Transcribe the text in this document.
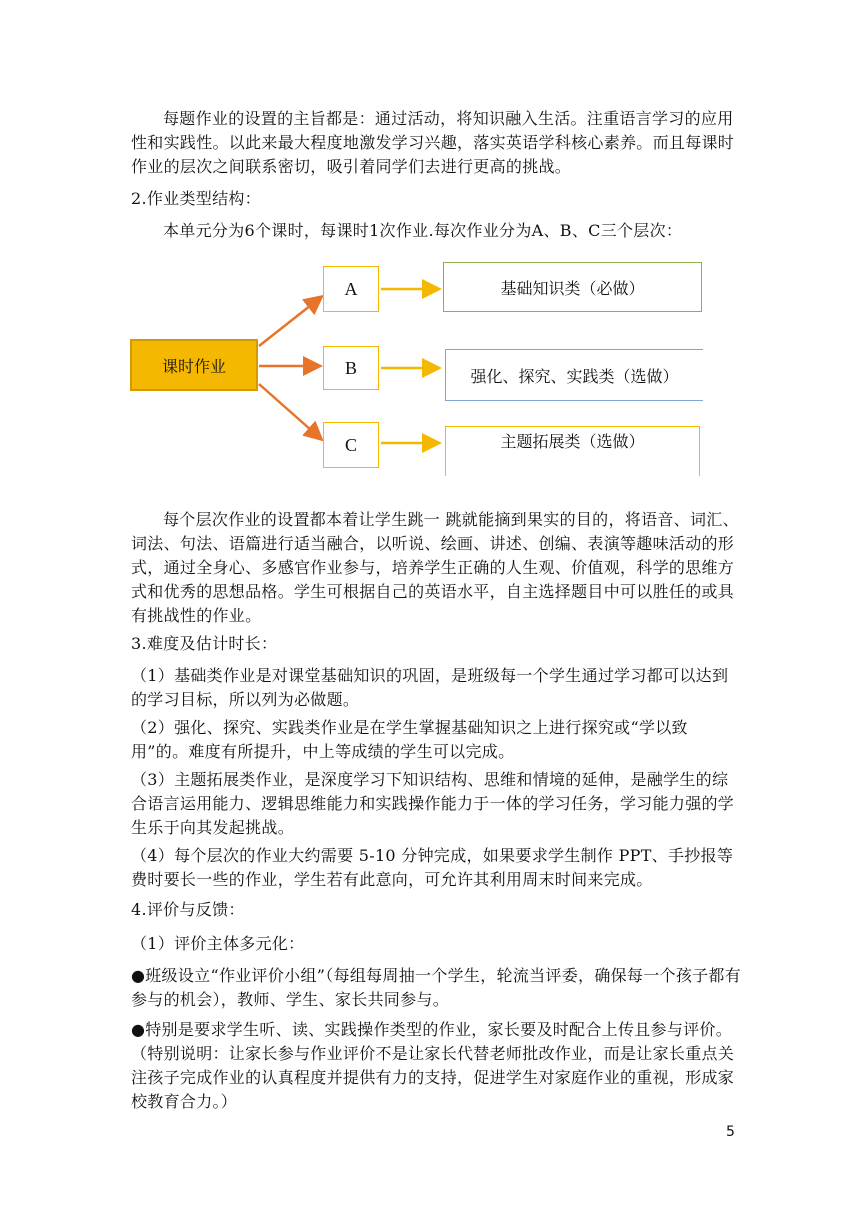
每题作业的设置的主旨都是：通过活动，将知识融入生活。注重语言学习的应用性和实践性。以此来最大程度地激发学习兴趣，落实英语学科核心素养。而且每课时作业的层次之间联系密切，吸引着同学们去进行更高的挑战。

2.作业类型结构：

本单元分为6个课时，每课时1次作业.每次作业分为A、B、C三个层次：

课时作业
A
B
C
基础知识类（必做）
强化、探究、实践类（选做）
主题拓展类（选做）

每个层次作业的设置都本着让学生跳一 跳就能摘到果实的目的，将语音、词汇、词法、句法、语篇进行适当融合，以听说、绘画、讲述、创编、表演等趣味活动的形式，通过全身心、多感官作业参与，培养学生正确的人生观、价值观，科学的思维方式和优秀的思想品格。学生可根据自己的英语水平，自主选择题目中可以胜任的或具有挑战性的作业。

3.难度及估计时长：

（1）基础类作业是对课堂基础知识的巩固，是班级每一个学生通过学习都可以达到的学习目标，所以列为必做题。

（2）强化、探究、实践类作业是在学生掌握基础知识之上进行探究或“学以致用”的。难度有所提升，中上等成绩的学生可以完成。

（3）主题拓展类作业，是深度学习下知识结构、思维和情境的延伸，是融学生的综合语言运用能力、逻辑思维能力和实践操作能力于一体的学习任务，学习能力强的学生乐于向其发起挑战。

（4）每个层次的作业大约需要 5-10 分钟完成，如果要求学生制作 PPT、手抄报等费时要长一些的作业，学生若有此意向，可允许其利用周末时间来完成。

4.评价与反馈：

（1）评价主体多元化：

●班级设立“作业评价小组”（每组每周抽一个学生，轮流当评委，确保每一个孩子都有参与的机会），教师、学生、家长共同参与。

●特别是要求学生听、读、实践操作类型的作业，家长要及时配合上传且参与评价。（特别说明：让家长参与作业评价不是让家长代替老师批改作业，而是让家长重点关注孩子完成作业的认真程度并提供有力的支持，促进学生对家庭作业的重视，形成家校教育合力。）

5
